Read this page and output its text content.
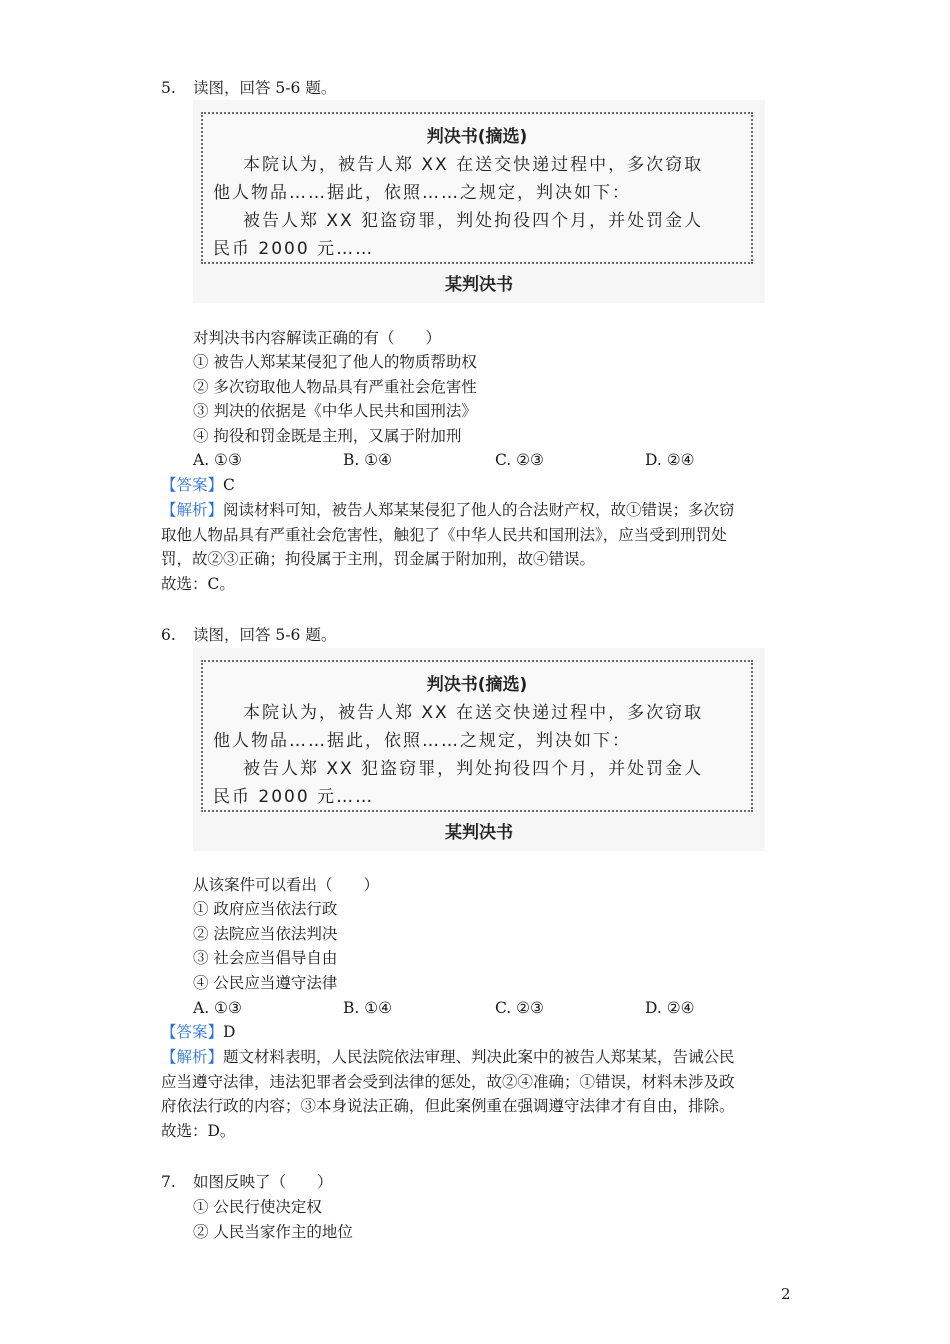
5. 读图，回答 5-6 题。
判决书(摘选)
本院认为，被告人郑 XX 在送交快递过程中，多次窃取
他人物品……据此，依照……之规定，判决如下：
被告人郑 XX 犯盗窃罪，判处拘役四个月，并处罚金人
民币 2000 元……
某判决书
对判决书内容解读正确的有（　　）
① 被告人郑某某侵犯了他人的物质帮助权
② 多次窃取他人物品具有严重社会危害性
③ 判决的依据是《中华人民共和国刑法》
④ 拘役和罚金既是主刑，又属于附加刑
A. ①③	B. ①④	C. ②③	D. ②④
【答案】C
【解析】阅读材料可知，被告人郑某某侵犯了他人的合法财产权，故①错误；多次窃
取他人物品具有严重社会危害性，触犯了《中华人民共和国刑法》，应当受到刑罚处
罚，故②③正确；拘役属于主刑，罚金属于附加刑，故④错误。
故选：C。
6. 读图，回答 5-6 题。
判决书(摘选)
本院认为，被告人郑 XX 在送交快递过程中，多次窃取
他人物品……据此，依照……之规定，判决如下：
被告人郑 XX 犯盗窃罪，判处拘役四个月，并处罚金人
民币 2000 元……
某判决书
从该案件可以看出（　　）
① 政府应当依法行政
② 法院应当依法判决
③ 社会应当倡导自由
④ 公民应当遵守法律
A. ①③	B. ①④	C. ②③	D. ②④
【答案】D
【解析】题文材料表明，人民法院依法审理、判决此案中的被告人郑某某，告诫公民
应当遵守法律，违法犯罪者会受到法律的惩处，故②④准确；①错误，材料未涉及政
府依法行政的内容；③本身说法正确，但此案例重在强调遵守法律才有自由，排除。
故选：D。
7. 如图反映了（　　）
① 公民行使决定权
② 人民当家作主的地位
2
